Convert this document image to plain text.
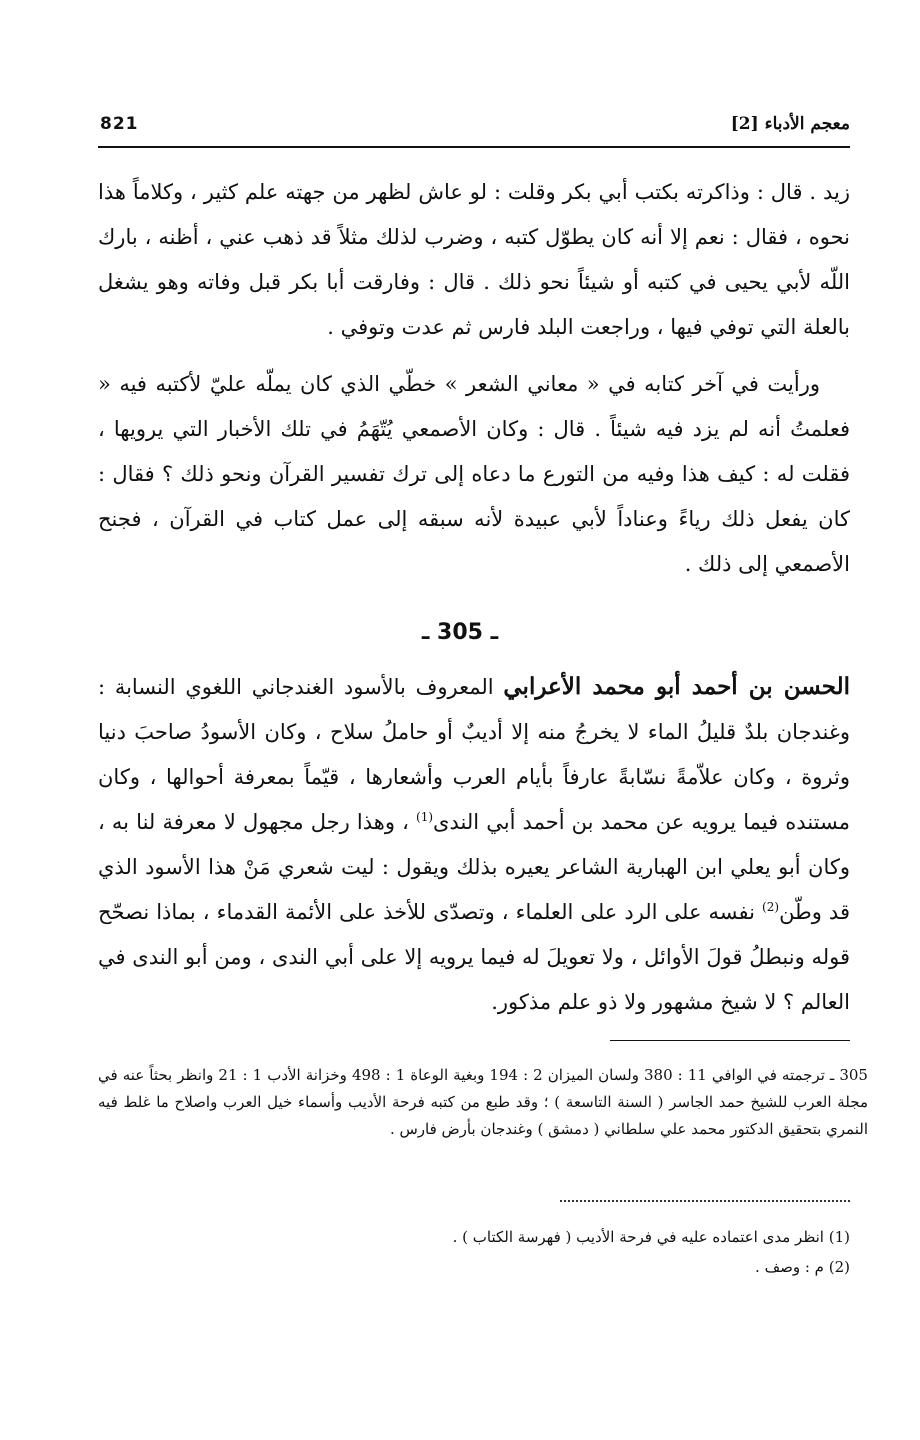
معجم الأدباء [2]
821

زيد . قال : وذاكرته بكتب أبي بكر وقلت : لو عاش لظهر من جهته علم كثير ، وكلاماً هذا نحوه ، فقال : نعم إلا أنه كان يطوّل كتبه ، وضرب لذلك مثلاً قد ذهب عني ، أظنه ، بارك اللّه لأبي يحيى في كتبه أو شيئاً نحو ذلك . قال : وفارقت أبا بكر قبل وفاته وهو يشغل بالعلة التي توفي فيها ، وراجعت البلد فارس ثم عدت وتوفي .

ورأيت في آخر كتابه في « معاني الشعر » خطّي الذي كان يملّه عليّ لأكتبه فيه « فعلمتُ أنه لم يزد فيه شيئاً . قال : وكان الأصمعي يُتّهَمُ في تلك الأخبار التي يرويها ، فقلت له : كيف هذا وفيه من التورع ما دعاه إلى ترك تفسير القرآن ونحو ذلك ؟ فقال : كان يفعل ذلك رياءً وعناداً لأبي عبيدة لأنه سبقه إلى عمل كتاب في القرآن ، فجنح الأصمعي إلى ذلك .

ـ 305 ـ

الحسن بن أحمد أبو محمد الأعرابي المعروف بالأسود الغندجاني اللغوي النسابة : وغندجان بلدٌ قليلُ الماء لا يخرجُ منه إلا أديبٌ أو حاملُ سلاح ، وكان الأسودُ صاحبَ دنيا وثروة ، وكان علاّمةً نسّابةً عارفاً بأيام العرب وأشعارها ، قيّماً بمعرفة أحوالها ، وكان مستنده فيما يرويه عن محمد بن أحمد أبي الندى$^{(1)}$ ، وهذا رجل مجهول لا معرفة لنا به ، وكان أبو يعلي ابن الهبارية الشاعر يعيره بذلك ويقول : ليت شعري مَنْ هذا الأسود الذي قد وطّن$^{(2)}$ نفسه على الرد على العلماء ، وتصدّى للأخذ على الأئمة القدماء ، بماذا نصحّح قوله ونبطلُ قولَ الأوائل ، ولا تعويلَ له فيما يرويه إلا على أبي الندى ، ومن أبو الندى في العالم ؟ لا شيخ مشهور ولا ذو علم مذكور.

305 ـ ترجمته في الوافي 11 : 380 ولسان الميزان 2 : 194 وبغية الوعاة 1 : 498 وخزانة الأدب 1 : 21 وانظر بحثاً عنه في مجلة العرب للشيخ حمد الجاسر ( السنة التاسعة ) ؛ وقد طبع من كتبه فرحة الأديب وأسماء خيل العرب واصلاح ما غلط فيه النمري بتحقيق الدكتور محمد علي سلطاني ( دمشق ) وغندجان بأرض فارس .

(1) انظر مدى اعتماده عليه في فرحة الأديب ( فهرسة الكتاب ) .
(2) م : وصف .
